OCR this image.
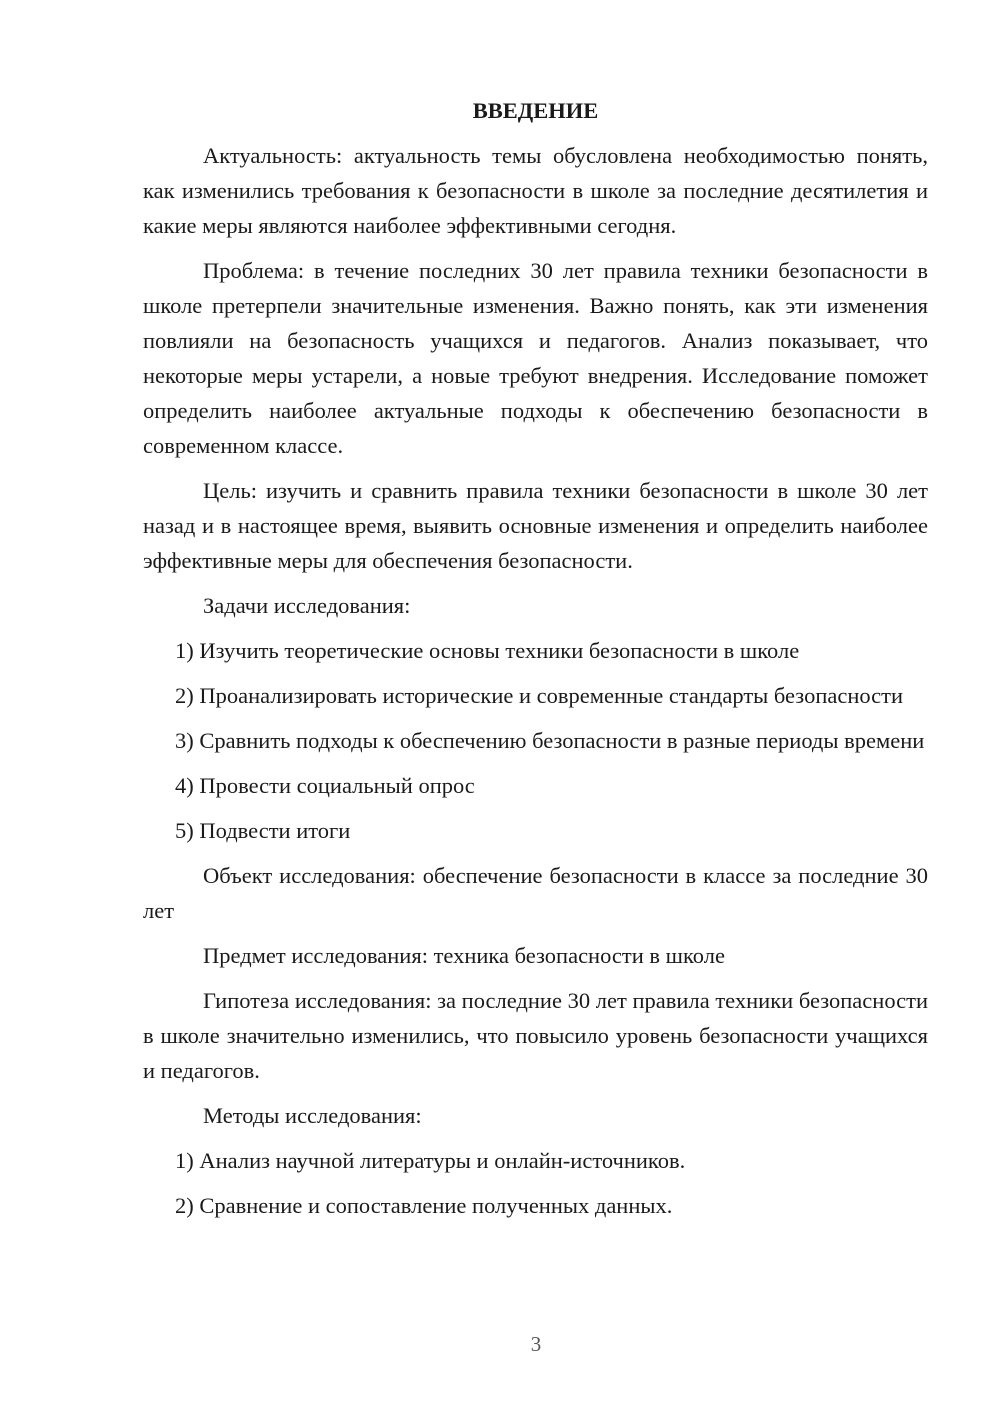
ВВЕДЕНИЕ

Актуальность: актуальность темы обусловлена необходимостью понять, как изменились требования к безопасности в школе за последние десятилетия и какие меры являются наиболее эффективными сегодня.

Проблема: в течение последних 30 лет правила техники безопасности в школе претерпели значительные изменения. Важно понять, как эти изменения повлияли на безопасность учащихся и педагогов. Анализ показывает, что некоторые меры устарели, а новые требуют внедрения. Исследование поможет определить наиболее актуальные подходы к обеспечению безопасности в современном классе.

Цель: изучить и сравнить правила техники безопасности в школе 30 лет назад и в настоящее время, выявить основные изменения и определить наиболее эффективные меры для обеспечения безопасности.

Задачи исследования:

1) Изучить теоретические основы техники безопасности в школе

2) Проанализировать исторические и современные стандарты безопасности

3) Сравнить подходы к обеспечению безопасности в разные периоды времени

4) Провести социальный опрос

5) Подвести итоги

Объект исследования: обеспечение безопасности в классе за последние 30 лет

Предмет исследования: техника безопасности в школе

Гипотеза исследования: за последние 30 лет правила техники безопасности в школе значительно изменились, что повысило уровень безопасности учащихся и педагогов.

Методы исследования:

1) Анализ научной литературы и онлайн-источников.

2) Сравнение и сопоставление полученных данных.

3
